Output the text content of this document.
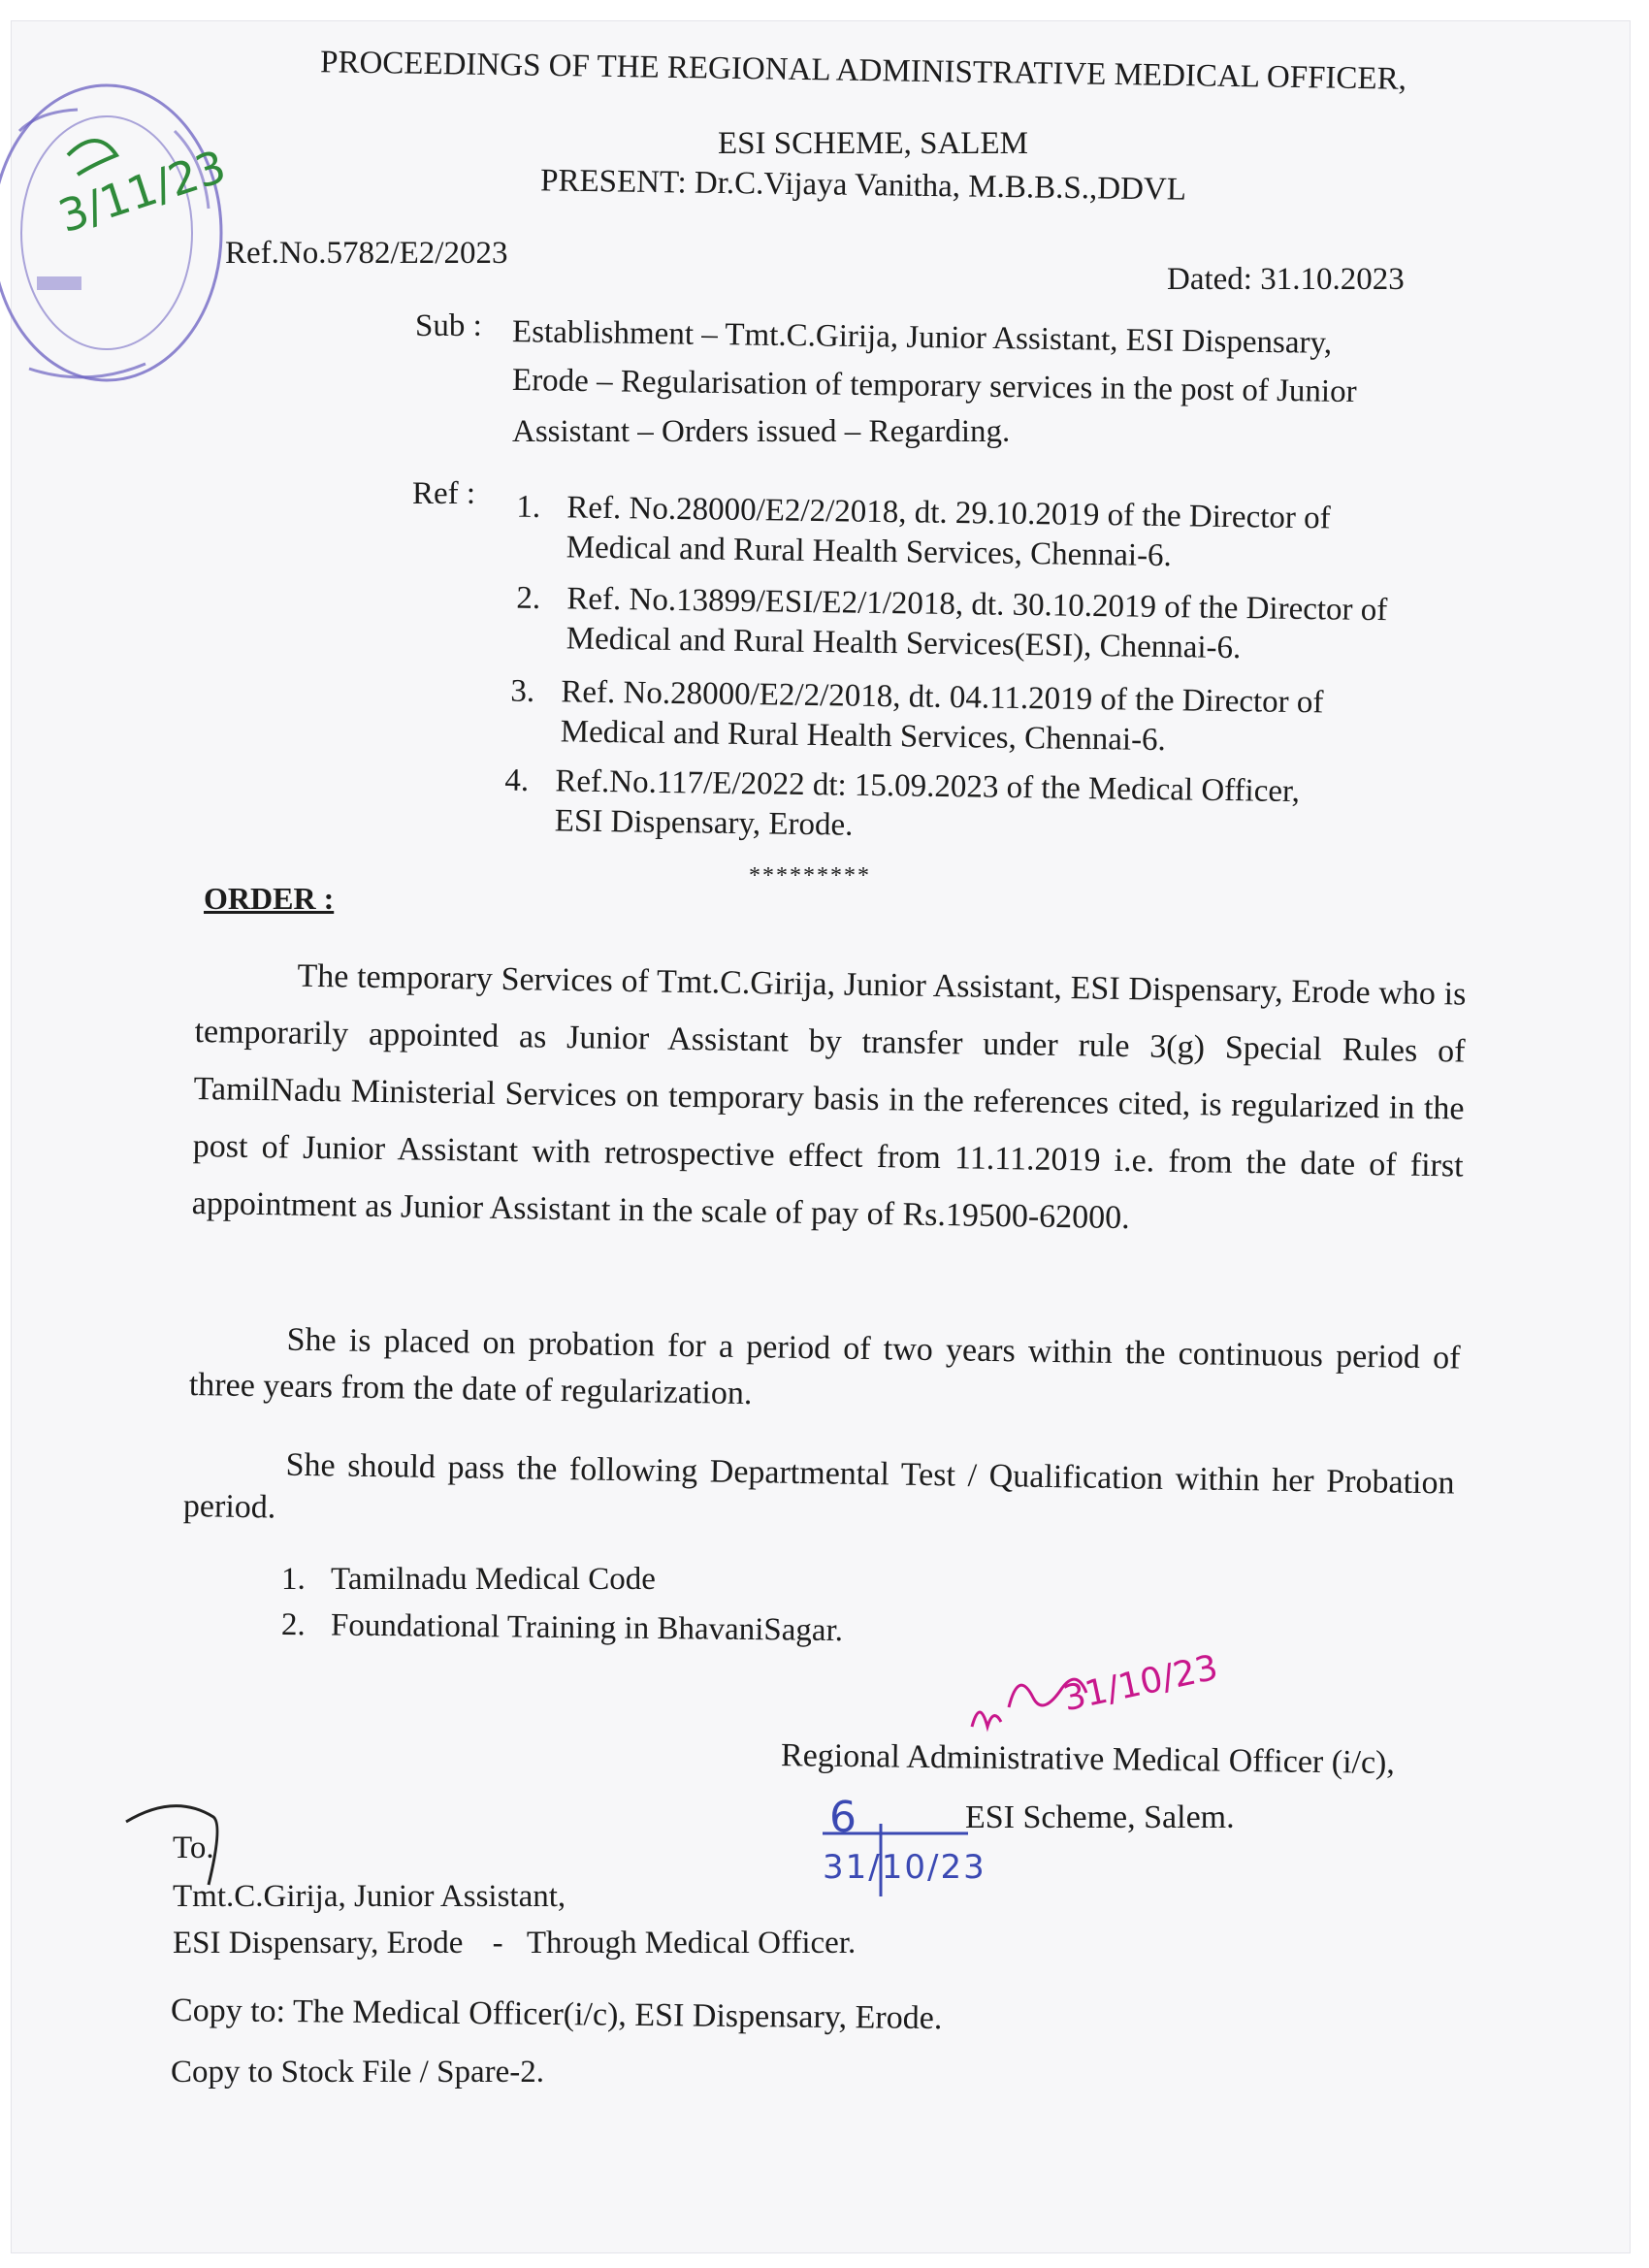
3/11/23
PROCEEDINGS OF THE REGIONAL ADMINISTRATIVE MEDICAL OFFICER,
ESI SCHEME, SALEM
PRESENT: Dr.C.Vijaya Vanitha, M.B.B.S.,DDVL
Ref.No.5782/E2/2023
Dated: 31.10.2023
Sub : Establishment – Tmt.C.Girija, Junior Assistant, ESI Dispensary,
Erode – Regularisation of temporary services in the post of Junior
Assistant – Orders issued – Regarding.
Ref : 1. Ref. No.28000/E2/2/2018, dt. 29.10.2019 of the Director of
Medical and Rural Health Services, Chennai-6.
2. Ref. No.13899/ESI/E2/1/2018, dt. 30.10.2019 of the Director of
Medical and Rural Health Services(ESI), Chennai-6.
3. Ref. No.28000/E2/2/2018, dt. 04.11.2019 of the Director of
Medical and Rural Health Services, Chennai-6.
4. Ref.No.117/E/2022 dt: 15.09.2023 of the Medical Officer,
ESI Dispensary, Erode.
*********
ORDER :
The temporary Services of Tmt.C.Girija, Junior Assistant, ESI Dispensary, Erode who is temporarily appointed as Junior Assistant by transfer under rule 3(g) Special Rules of TamilNadu Ministerial Services on temporary basis in the references cited, is regularized in the post of Junior Assistant with retrospective effect from 11.11.2019 i.e. from the date of first appointment as Junior Assistant in the scale of pay of Rs.19500-62000.
She is placed on probation for a period of two years within the continuous period of three years from the date of regularization.
She should pass the following Departmental Test / Qualification within her Probation period.
1. Tamilnadu Medical Code
2. Foundational Training in BhavaniSagar.
31/10/23
Regional Administrative Medical Officer (i/c),
ESI Scheme, Salem.
6
31/10/23
To.
Tmt.C.Girija, Junior Assistant,
ESI Dispensary, Erode - Through Medical Officer.
Copy to: The Medical Officer(i/c), ESI Dispensary, Erode.
Copy to Stock File / Spare-2.
